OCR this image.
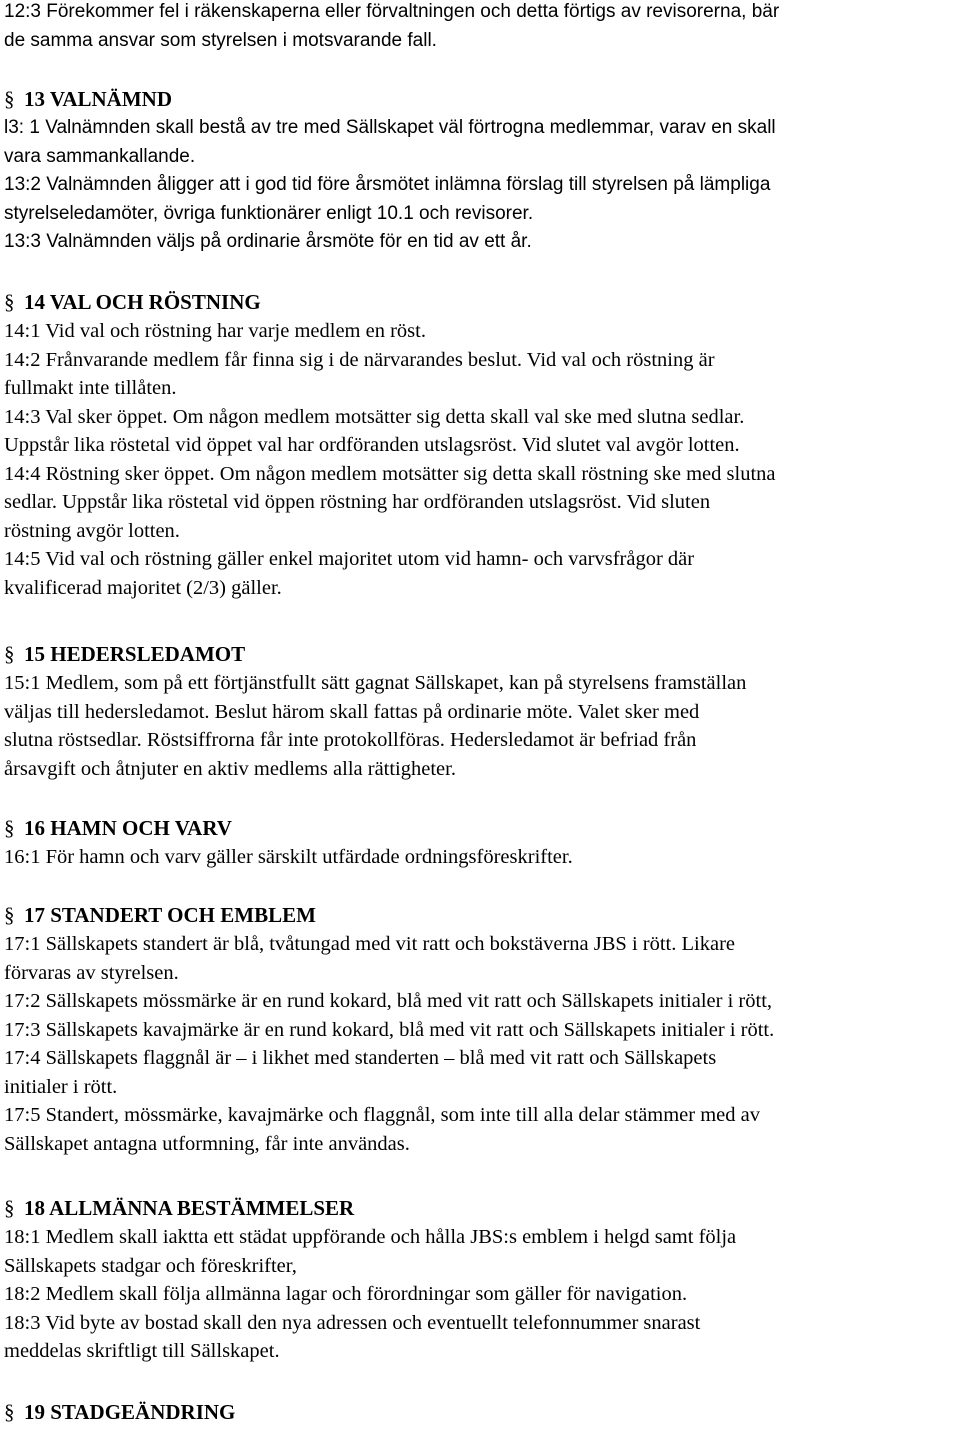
12:3 Förekommer fel i räkenskaperna eller förvaltningen och detta förtigs av revisorerna, bär
de samma ansvar som styrelsen i motsvarande fall.
§ 13 VALNÄMND
l3: 1 Valnämnden skall bestå av tre med Sällskapet väl förtrogna medlemmar, varav en skall
vara sammankallande.
13:2 Valnämnden åligger att i god tid före årsmötet inlämna förslag till styrelsen på lämpliga
styrelseledamöter, övriga funktionärer enligt 10.1 och revisorer.
13:3 Valnämnden väljs på ordinarie årsmöte för en tid av ett år.
§ 14 VAL OCH RÖSTNING
14:1 Vid val och röstning har varje medlem en röst.
14:2 Frånvarande medlem får finna sig i de närvarandes beslut. Vid val och röstning är
fullmakt inte tillåten.
14:3 Val sker öppet. Om någon medlem motsätter sig detta skall val ske med slutna sedlar.
Uppstår lika röstetal vid öppet val har ordföranden utslagsröst. Vid slutet val avgör lotten.
14:4 Röstning sker öppet. Om någon medlem motsätter sig detta skall röstning ske med slutna
sedlar. Uppstår lika röstetal vid öppen röstning har ordföranden utslagsröst. Vid sluten
röstning avgör lotten.
14:5 Vid val och röstning gäller enkel majoritet utom vid hamn- och varvsfrågor där
kvalificerad majoritet (2/3) gäller.
§ 15 HEDERSLEDAMOT
15:1 Medlem, som på ett förtjänstfullt sätt gagnat Sällskapet, kan på styrelsens framställan
väljas till hedersledamot. Beslut härom skall fattas på ordinarie möte. Valet sker med
slutna röstsedlar. Röstsiffrorna får inte protokollföras. Hedersledamot är befriad från
årsavgift och åtnjuter en aktiv medlems alla rättigheter.
§ 16 HAMN OCH VARV
16:1 För hamn och varv gäller särskilt utfärdade ordningsföreskrifter.
§ 17 STANDERT OCH EMBLEM
17:1 Sällskapets standert är blå, tvåtungad med vit ratt och bokstäverna JBS i rött. Likare
förvaras av styrelsen.
17:2 Sällskapets mössmärke är en rund kokard, blå med vit ratt och Sällskapets initialer i rött,
17:3 Sällskapets kavajmärke är en rund kokard, blå med vit ratt och Sällskapets initialer i rött.
17:4 Sällskapets flaggnål är – i likhet med standerten – blå med vit ratt och Sällskapets
initialer i rött.
17:5 Standert, mössmärke, kavajmärke och flaggnål, som inte till alla delar stämmer med av
Sällskapet antagna utformning, får inte användas.
§ 18 ALLMÄNNA BESTÄMMELSER
18:1 Medlem skall iaktta ett städat uppförande och hålla JBS:s emblem i helgd samt följa
Sällskapets stadgar och föreskrifter,
18:2 Medlem skall följa allmänna lagar och förordningar som gäller för navigation.
18:3 Vid byte av bostad skall den nya adressen och eventuellt telefonnummer snarast
meddelas skriftligt till Sällskapet.
§ 19 STADGEÄNDRING
